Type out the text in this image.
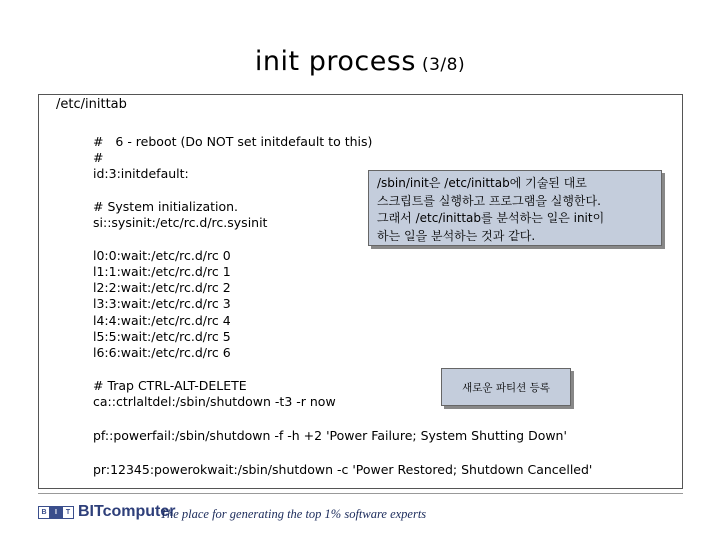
init process (3/8)
/etc/inittab
#   6 - reboot (Do NOT set initdefault to this)
#
id:3:initdefault:
# System initialization.
si::sysinit:/etc/rc.d/rc.sysinit
l0:0:wait:/etc/rc.d/rc 0
l1:1:wait:/etc/rc.d/rc 1
l2:2:wait:/etc/rc.d/rc 2
l3:3:wait:/etc/rc.d/rc 3
l4:4:wait:/etc/rc.d/rc 4
l5:5:wait:/etc/rc.d/rc 5
l6:6:wait:/etc/rc.d/rc 6
# Trap CTRL-ALT-DELETE
ca::ctrlaltdel:/sbin/shutdown -t3 -r now
pf::powerfail:/sbin/shutdown -f -h +2 'Power Failure; System Shutting Down'
pr:12345:powerokwait:/sbin/shutdown -c 'Power Restored; Shutdown Cancelled'
/sbin/init은 /etc/inittab에 기술된 대로
스크립트를 실행하고 프로그램을 실행한다.
그래서 /etc/inittab를 분석하는 일은 init이
하는 일을 분석하는 것과 같다.
새로운 파티션 등록
B	I	T BITcomputer
The place for generating the top 1% software experts
